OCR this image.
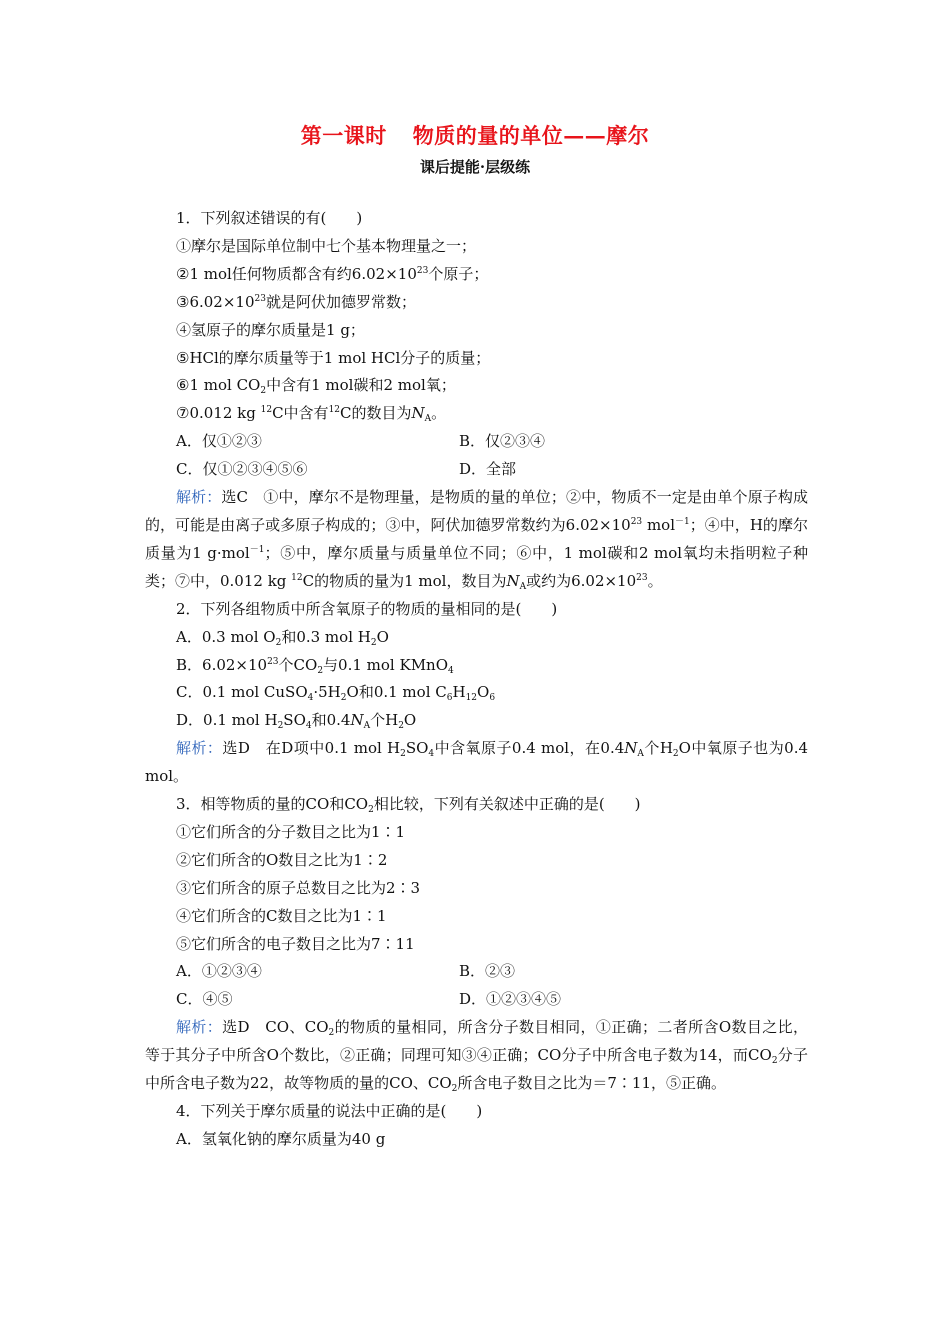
第一课时 物质的量的单位——摩尔
课后提能·层级练

1．下列叙述错误的有(　　)

①摩尔是国际单位制中七个基本物理量之一；

②1 mol任何物质都含有约$6.02\times 10^{23}$个原子；

$③6.02\times 10^{23}$就是阿伏加德罗常数；

④氢原子的摩尔质量是1 g；

⑤HCl的摩尔质量等于1 mol HCl分子的质量；

⑥1 mol $CO_2$中含有1 mol碳和2 mol氧；

⑦0.012 kg $^{12}$C中含有$^{12}$C的数目为$N_A$。

A．仅①②③	B．仅②③④
C．仅①②③④⑤⑥	D．全部

解析：选C　①中，摩尔不是物理量，是物质的量的单位；②中，物质不一定是由单个原子构成的，可能是由离子或多原子构成的；③中，阿伏加德罗常数约为$6.02\times 10^{23}$ mol$^{-1}$；④中，H的摩尔质量为1 g·mol$^{-1}$；⑤中，摩尔质量与质量单位不同；⑥中，1 mol碳和2 mol氧均未指明粒子种类；⑦中，0.012 kg $^{12}$C的物质的量为1 mol，数目为$N_A$或约为$6.02\times 10^{23}$。

2．下列各组物质中所含氧原子的物质的量相同的是(　　)

A．0.3 mol $O_2$和0.3 mol $H_2O$

B．$6.02\times 10^{23}$个$CO_2$与0.1 mol KMnO$_4$

C．0.1 mol $CuSO_4\cdot 5H_2O$和0.1 mol $C_6H_{12}O_6$

D．0.1 mol $H_2SO_4$和$0.4N_A$个$H_2O$

解析：选D　在D项中0.1 mol $H_2SO_4$中含氧原子0.4 mol，在$0.4N_A$个$H_2O$中氧原子也为0.4 mol。

3．相等物质的量的CO和$CO_2$相比较，下列有关叙述中正确的是(　　)

①它们所含的分子数目之比为1∶1

②它们所含的O数目之比为1∶2

③它们所含的原子总数目之比为2∶3

④它们所含的C数目之比为1∶1

⑤它们所含的电子数目之比为7∶11

A．①②③④	B．②③
C．④⑤	D．①②③④⑤

解析：选D　CO、$CO_2$的物质的量相同，所含分子数目相同，①正确；二者所含O数目之比，等于其分子中所含O个数比，②正确；同理可知③④正确；CO分子中所含电子数为14，而$CO_2$分子中所含电子数为22，故等物质的量的CO、$CO_2$所含电子数目之比为＝7∶11，⑤正确。

4．下列关于摩尔质量的说法中正确的是(　　)

A．氢氧化钠的摩尔质量为40 g
